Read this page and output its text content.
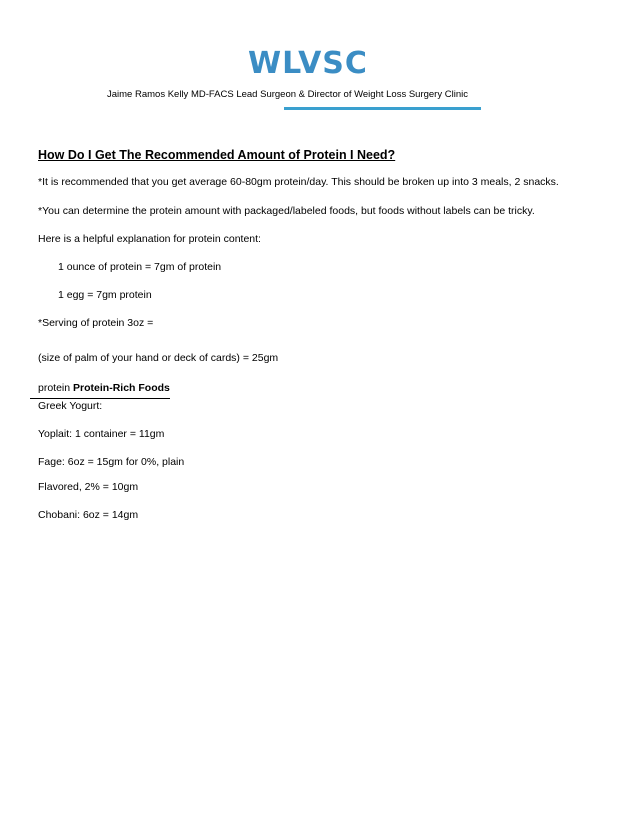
WLVSC
Jaime Ramos Kelly MD-FACS Lead Surgeon & Director of Weight Loss Surgery Clinic
How Do I Get The Recommended Amount of Protein I Need?
*It is recommended that you get average 60-80gm protein/day. This should be broken up into 3 meals, 2 snacks.
*You can determine the protein amount with packaged/labeled foods, but foods without labels can be tricky.
Here is a helpful explanation for protein content:
1 ounce of protein = 7gm of protein
1 egg = 7gm protein
*Serving of protein 3oz =
(size of palm of your hand or deck of cards) = 25gm
protein Protein-Rich Foods
Greek Yogurt:
Yoplait: 1 container = 11gm
Fage: 6oz = 15gm for 0%, plain
Flavored, 2% = 10gm
Chobani: 6oz = 14gm
